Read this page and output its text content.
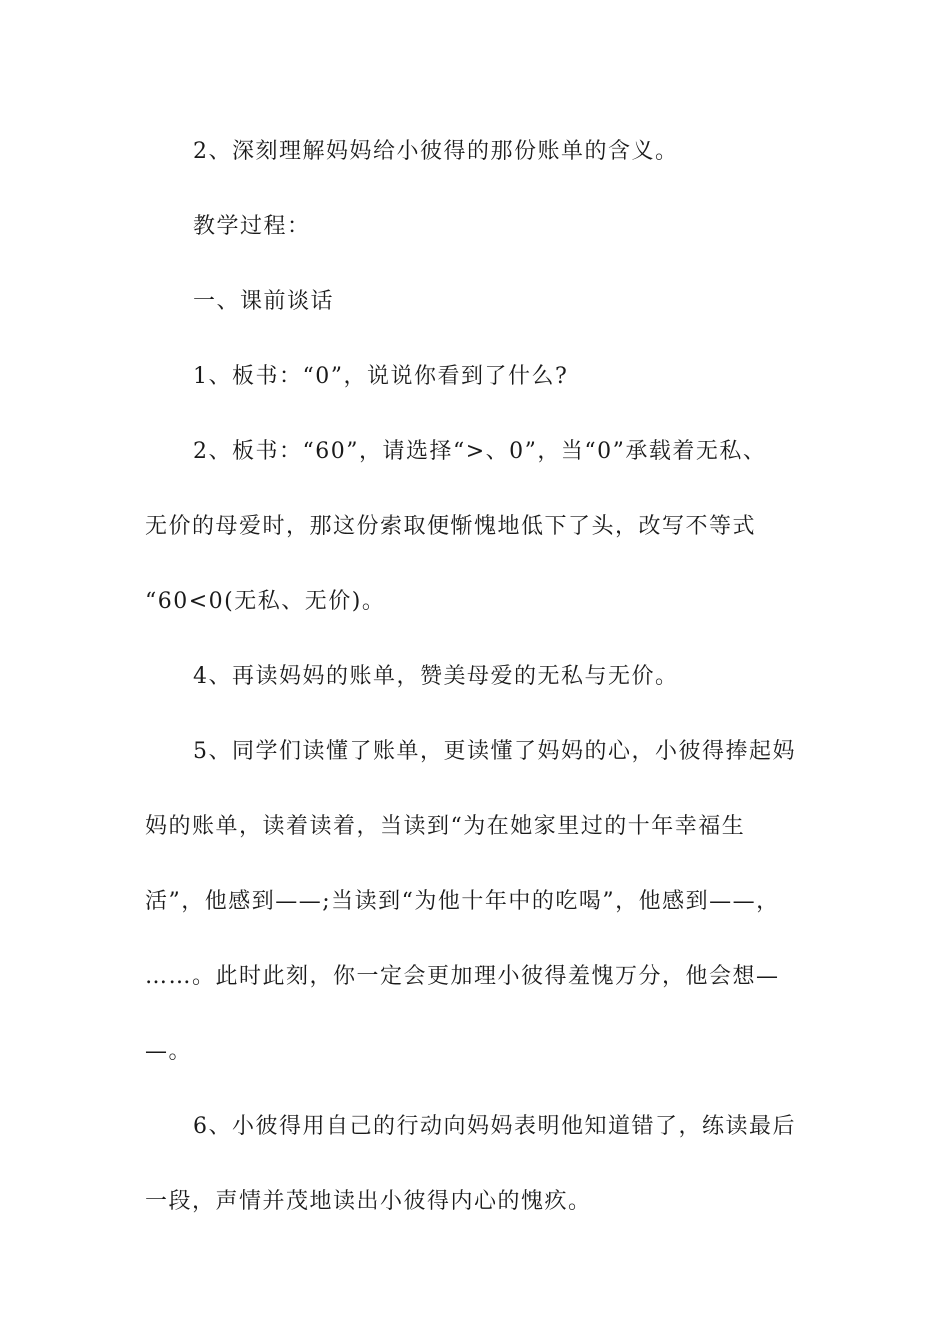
2、深刻理解妈妈给小彼得的那份账单的含义。
教学过程：
一、课前谈话
1、板书：“0”，说说你看到了什么?
2、板书：“60”，请选择“>、0”，当“0”承载着无私、
无价的母爱时，那这份索取便惭愧地低下了头，改写不等式
“60<0(无私、无价)。
4、再读妈妈的账单，赞美母爱的无私与无价。
5、同学们读懂了账单，更读懂了妈妈的心，小彼得捧起妈
妈的账单，读着读着，当读到“为在她家里过的十年幸福生
活”，他感到——;当读到“为他十年中的吃喝”，他感到——，
……。此时此刻，你一定会更加理小彼得羞愧万分，他会想—
—。
6、小彼得用自己的行动向妈妈表明他知道错了，练读最后
一段，声情并茂地读出小彼得内心的愧疚。
